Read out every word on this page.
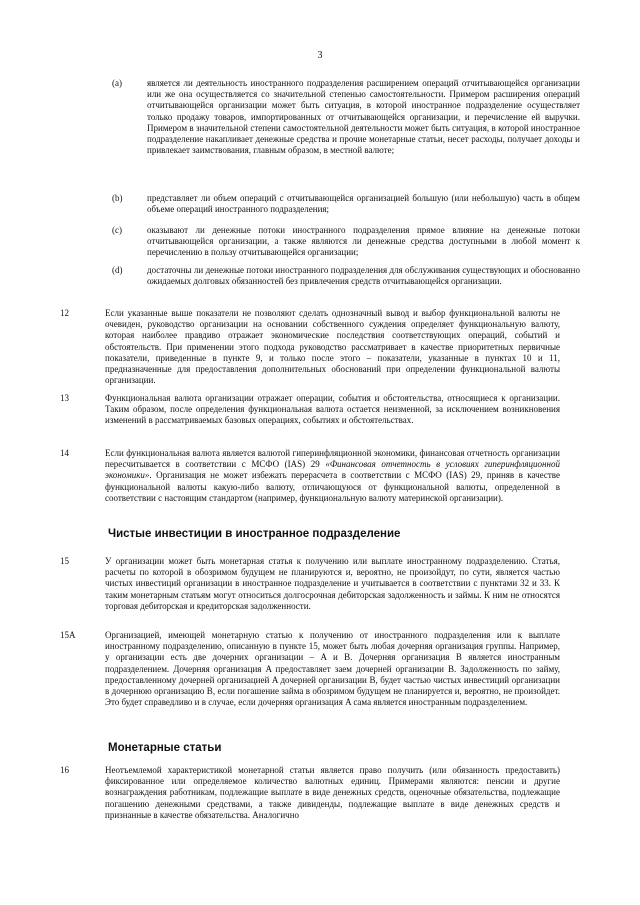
3
(a)	является ли деятельность иностранного подразделения расширением операций отчитывающейся организации или же она осуществляется со значительной степенью самостоятельности. Примером расширения операций отчитывающейся организации может быть ситуация, в которой иностранное подразделение осуществляет только продажу товаров, импортированных от отчитывающейся организации, и перечисление ей выручки. Примером в значительной степени самостоятельной деятельности может быть ситуация, в которой иностранное подразделение накапливает денежные средства и прочие монетарные статьи, несет расходы, получает доходы и привлекает заимствования, главным образом, в местной валюте;
(b)	представляет ли объем операций с отчитывающейся организацией большую (или небольшую) часть в общем объеме операций иностранного подразделения;
(c)	оказывают ли денежные потоки иностранного подразделения прямое влияние на денежные потоки отчитывающейся организации, а также являются ли денежные средства доступными в любой момент к перечислению в пользу отчитывающейся организации;
(d)	достаточны ли денежные потоки иностранного подразделения для обслуживания существующих и обоснованно ожидаемых долговых обязанностей без привлечения средств отчитывающейся организации.
12	Если указанные выше показатели не позволяют сделать однозначный вывод и выбор функциональной валюты не очевиден, руководство организации на основании собственного суждения определяет функциональную валюту, которая наиболее правдиво отражает экономические последствия соответствующих операций, событий и обстоятельств. При применении этого подхода руководство рассматривает в качестве приоритетных первичные показатели, приведенные в пункте 9, и только после этого – показатели, указанные в пунктах 10 и 11, предназначенные для предоставления дополнительных обоснований при определении функциональной валюты организации.
13	Функциональная валюта организации отражает операции, события и обстоятельства, относящиеся к организации. Таким образом, после определения функциональная валюта остается неизменной, за исключением возникновения изменений в рассматриваемых базовых операциях, событиях и обстоятельствах.
14	Если функциональная валюта является валютой гиперинфляционной экономики, финансовая отчетность организации пересчитывается в соответствии с МСФО (IAS) 29 «Финансовая отчетность в условиях гиперинфляционной экономики». Организация не может избежать перерасчета в соответствии с МСФО (IAS) 29, приняв в качестве функциональной валюты какую-либо валюту, отличающуюся от функциональной валюты, определенной в соответствии с настоящим стандартом (например, функциональную валюту материнской организации).
Чистые инвестиции в иностранное подразделение
15	У организации может быть монетарная статья к получению или выплате иностранному подразделению. Статья, расчеты по которой в обозримом будущем не планируются и, вероятно, не произойдут, по сути, является частью чистых инвестиций организации в иностранное подразделение и учитывается в соответствии с пунктами 32 и 33. К таким монетарным статьям могут относиться долгосрочная дебиторская задолженность и займы. К ним не относятся торговая дебиторская и кредиторская задолженности.
15A	Организацией, имеющей монетарную статью к получению от иностранного подразделения или к выплате иностранному подразделению, описанную в пункте 15, может быть любая дочерняя организация группы. Например, у организации есть две дочерних организации – A и B. Дочерняя организация B является иностранным подразделением. Дочерняя организация A предоставляет заем дочерней организации B. Задолженность по займу, предоставленному дочерней организацией A дочерней организации B, будет частью чистых инвестиций организации в дочернюю организацию B, если погашение займа в обозримом будущем не планируется и, вероятно, не произойдет. Это будет справедливо и в случае, если дочерняя организация A сама является иностранным подразделением.
Монетарные статьи
16	Неотъемлемой характеристикой монетарной статьи является право получить (или обязанность предоставить) фиксированное или определяемое количество валютных единиц. Примерами являются: пенсии и другие вознаграждения работникам, подлежащие выплате в виде денежных средств, оценочные обязательства, подлежащие погашению денежными средствами, а также дивиденды, подлежащие выплате в виде денежных средств и признанные в качестве обязательства. Аналогично
